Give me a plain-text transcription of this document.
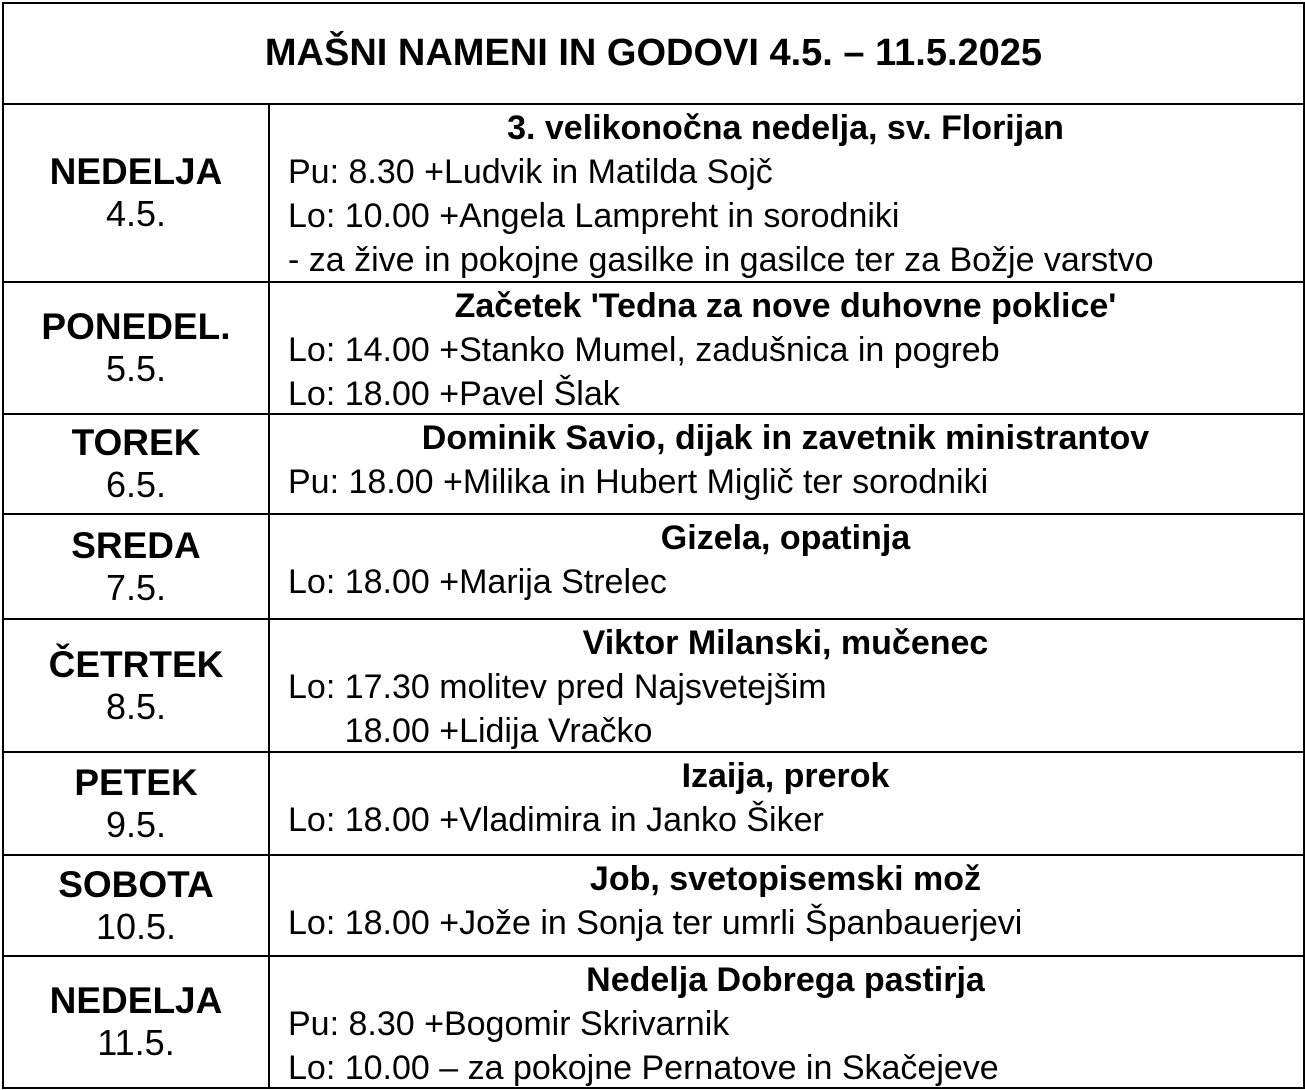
MAŠNI NAMENI IN GODOVI 4.5. – 11.5.2025
NEDELJA
4.5.
3. velikonočna nedelja, sv. Florijan
Pu: 8.30 +Ludvik in Matilda Sojč
Lo: 10.00 +Angela Lampreht in sorodniki
- za žive in pokojne gasilke in gasilce ter za Božje varstvo
PONEDEL.
5.5.
Začetek 'Tedna za nove duhovne poklice'
Lo: 14.00 +Stanko Mumel, zadušnica in pogreb
Lo: 18.00 +Pavel Šlak
TOREK
6.5.
Dominik Savio, dijak in zavetnik ministrantov
Pu: 18.00 +Milika in Hubert Miglič ter sorodniki
SREDA
7.5.
Gizela, opatinja
Lo: 18.00 +Marija Strelec
ČETRTEK
8.5.
Viktor Milanski, mučenec
Lo: 17.30 molitev pred Najsvetejšim
18.00 +Lidija Vračko
PETEK
9.5.
Izaija, prerok
Lo: 18.00 +Vladimira in Janko Šiker
SOBOTA
10.5.
Job, svetopisemski mož
Lo: 18.00 +Jože in Sonja ter umrli Španbauerjevi
NEDELJA
11.5.
Nedelja Dobrega pastirja
Pu: 8.30 +Bogomir Skrivarnik
Lo: 10.00 – za pokojne Pernatove in Skačejeve
